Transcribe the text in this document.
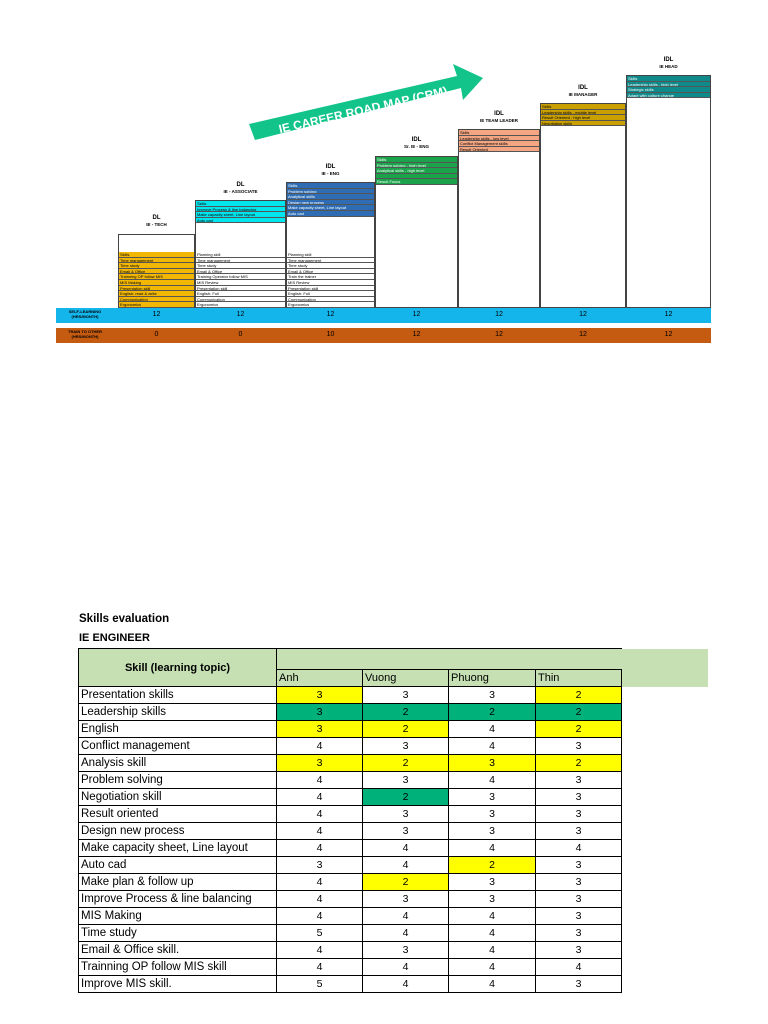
IE CAREER ROAD MAP (CRM)
DL
IE - TECH
Skills
Time management
Time study
Email & Office
Trainning OP follow MIS
MIS Making
Presentation skill
English: read & write
Communication
Ergonomics
DL
IE - ASSOCIATE
Skills
Improve Process & line balancing
Make capacity sheet, Line layout
Auto cad
Planning skill
Time management
Time study
Email & Office
Training Operator follow MIS
MIS Review
Presentation skill
English: Full
Communication
Ergonomics
IDL
IE - ENG
Skills
Problem solving
Analytical skills
Design new process
Make capacity sheet, Line layout
Auto cad
Planning skill
Time management
Time study
Email & Office
Train the trainer
MIS Review
Presentation skill
English: Full
Communication
Ergonomics
IDL
Sr. IE - ENG
Skills
Problem solving - high level
Analytical skills - high level
Result Focus
IDL
IE TEAM LEADER
Skills
Leadership skills - low level
Conflict Management skills
Result Oriented
IDL
IE MANAGER
Skills
Leadership skills - middle level
Result Oriented - high level
Negotiation skills
IDL
IE HEAD
Skills
Leadership skills - high level
Strategic skills
Adapt with culture change
SELF-LEARNING (HRS/MONTH)	12	12	12	12	12	12	12
TRAIN TO OTHER (HRS/MONTH)	0	0	10	12	12	12	12
Skills evaluation
IE ENGINEER
Skill (learning topic)					
	Anh	Vuong	Phuong	Thin	
Presentation skills	3	3	3	2	
Leadership skills	3	2	2	2	
English	3	2	4	2	
Conflict management	4	3	4	3	
Analysis skill	3	2	3	2	
Problem solving	4	3	4	3	
Negotiation skill	4	2	3	3	
Result oriented	4	3	3	3	
Design new process	4	3	3	3	
Make capacity sheet, Line layout	4	4	4	4	
Auto cad	3	4	2	3	
Make plan & follow up	4	2	3	3	
Improve Process & line balancing	4	3	3	3	
MIS Making	4	4	4	3	
Time study	5	4	4	3	
Email & Office skill.	4	3	4	3	
Trainning OP follow MIS skill	4	4	4	4	
Improve MIS skill.	5	4	4	3	
